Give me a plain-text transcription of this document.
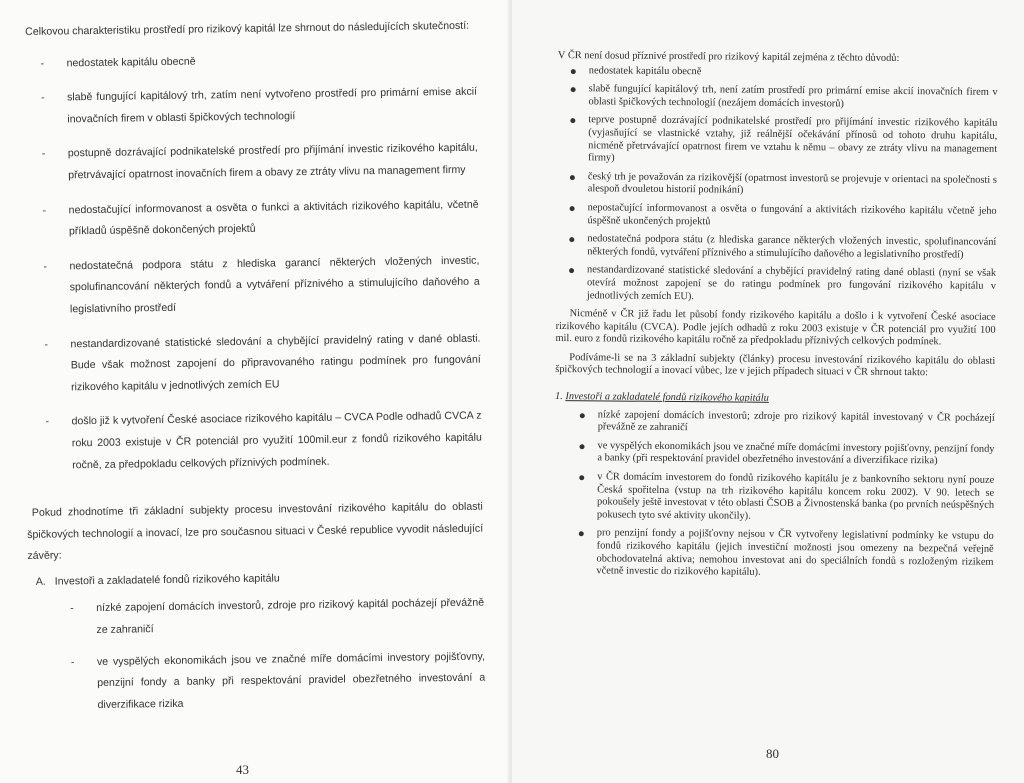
Celkovou charakteristiku prostředí pro rizikový kapitál lze shrnout do následujících skutečností:

- nedostatek kapitálu obecně
- slabě fungující kapitálový trh, zatím není vytvořeno prostředí pro primární emise akcií inovačních firem v oblasti špičkových technologií
- postupně dozrávající podnikatelské prostředí pro přijímání investic rizikového kapitálu, přetrvávající opatrnost inovačních firem a obavy ze ztráty vlivu na management firmy
- nedostačující informovanost a osvěta o funkci a aktivitách rizikového kapitálu, včetně příkladů úspěšně dokončených projektů
- nedostatečná podpora státu z hlediska garancí některých vložených investic, spolufinancování některých fondů a vytváření příznivého a stimulujícího daňového a legislativního prostředí
- nestandardizované statistické sledování a chybějící pravidelný rating v dané oblasti. Bude však možnost zapojení do připravovaného ratingu podmínek pro fungování rizikového kapitálu v jednotlivých zemích EU
- došlo již k vytvoření České asociace rizikového kapitálu – CVCA Podle odhadů CVCA z roku 2003 existuje v ČR potenciál pro využití 100mil.eur z fondů rizikového kapitálu ročně, za předpokladu celkových příznivých podmínek.

Pokud zhodnotíme tři základní subjekty procesu investování rizikového kapitálu do oblasti špičkových technologií a inovací, lze pro současnou situaci v České republice vyvodit následující závěry:

A. Investoři a zakladatelé fondů rizikového kapitálu
- nízké zapojení domácích investorů, zdroje pro rizikový kapitál pocházejí převážně ze zahraničí
- ve vyspělých ekonomikách jsou ve značné míře domácími investory pojišťovny, penzijní fondy a banky při respektování pravidel obezřetného investování a diverzifikace rizika
43

V ČR není dosud příznivé prostředí pro rizikový kapitál zejména z těchto důvodů:

nedostatek kapitálu obecně
slabě fungující kapitálový trh, není zatím prostředí pro primární emise akcií inovačních firem v oblasti špičkových technologií (nezájem domácích investorů)
teprve postupně dozrávající podnikatelské prostředí pro přijímání investic rizikového kapitálu (vyjasňující se vlastnické vztahy, již reálnější očekávání přínosů od tohoto druhu kapitálu, nicméně přetrvávající opatrnost firem ve vztahu k němu – obavy ze ztráty vlivu na management firmy)
český trh je považován za rizikovější (opatrnost investorů se projevuje v orientaci na společnosti s alespoň dvouletou historií podnikání)
nepostačující informovanost a osvěta o fungování a aktivitách rizikového kapitálu včetně jeho úspěšně ukončených projektů
nedostatečná podpora státu (z hlediska garance některých vložených investic, spolufinancování některých fondů, vytváření příznivého a stimulujícího daňového a legislativního prostředí)
nestandardizované statistické sledování a chybějící pravidelný rating dané oblasti (nyní se však otevírá možnost zapojení se do ratingu podmínek pro fungování rizikového kapitálu v jednotlivých zemích EU).

Nicméně v ČR již řadu let působí fondy rizikového kapitálu a došlo i k vytvoření České asociace rizikového kapitálu (CVCA). Podle jejích odhadů z roku 2003 existuje v ČR potenciál pro využití 100 mil. euro z fondů rizikového kapitálu ročně za předpokladu příznivých celkových podmínek.

Podíváme-li se na 3 základní subjekty (články) procesu investování rizikového kapitálu do oblasti špičkových technologií a inovací vůbec, lze v jejich případech situaci v ČR shrnout takto:

1. Investoři a zakladatelé fondů rizikového kapitálu
nízké zapojení domácích investorů; zdroje pro rizikový kapitál investovaný v ČR pocházejí převážně ze zahraničí
ve vyspělých ekonomikách jsou ve značné míře domácími investory pojišťovny, penzijní fondy a banky (při respektování pravidel obezřetného investování a diverzifikace rizika)
v ČR domácím investorem do fondů rizikového kapitálu je z bankovního sektoru nyní pouze Česká spořitelna (vstup na trh rizikového kapitálu koncem roku 2002). V 90. letech se pokoušely ještě investovat v této oblasti ČSOB a Živnostenská banka (po prvních neúspěšných pokusech tyto své aktivity ukončily).
pro penzijní fondy a pojišťovny nejsou v ČR vytvořeny legislativní podmínky ke vstupu do fondů rizikového kapitálu (jejich investiční možnosti jsou omezeny na bezpečná veřejně obchodovatelná aktiva; nemohou investovat ani do speciálních fondů s rozloženým rizikem včetně investic do rizikového kapitálu).
80
